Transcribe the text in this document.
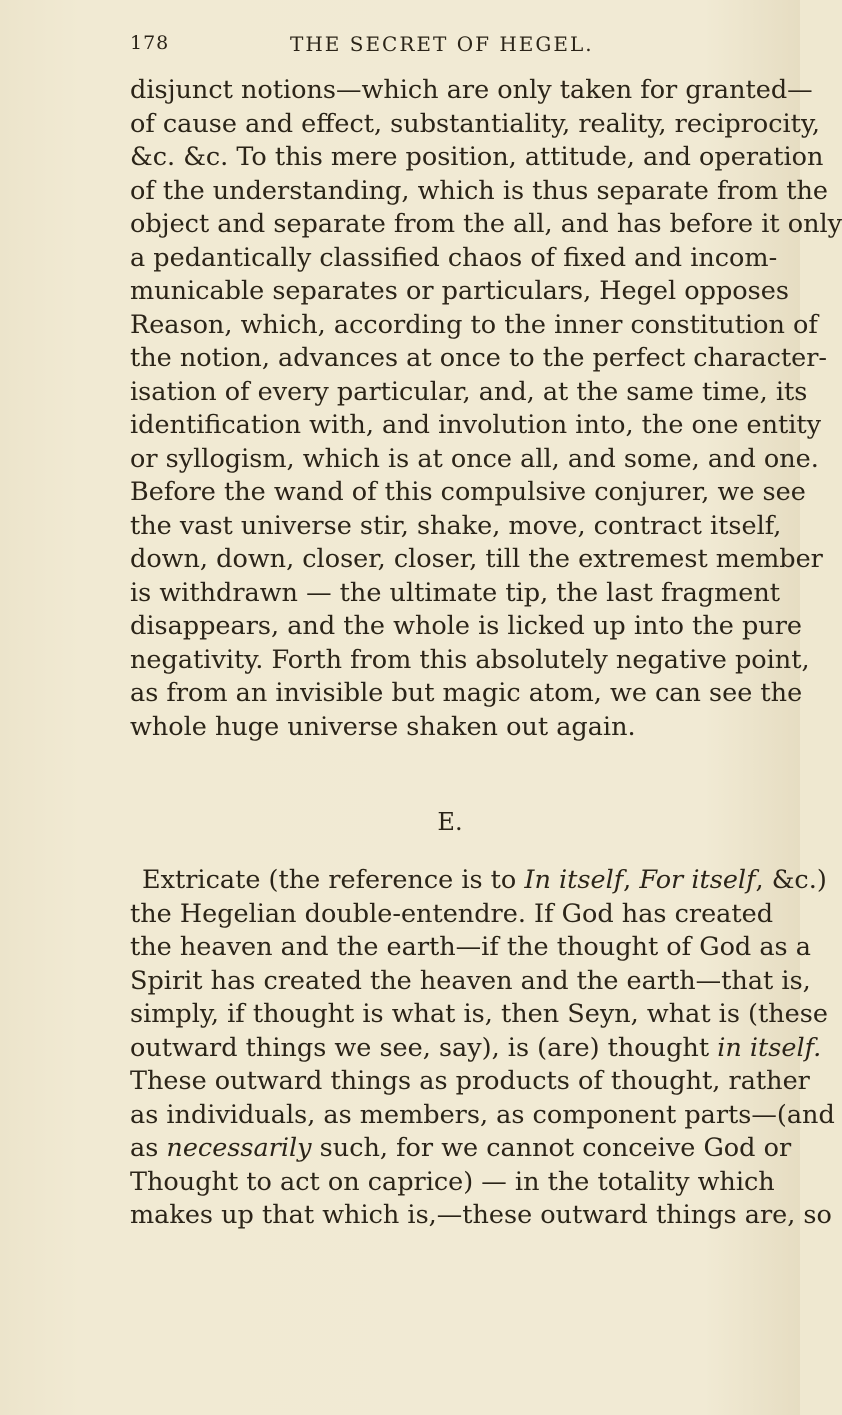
178	THE SECRET OF HEGEL.
disjunct notions—which are only taken for granted—
of cause and effect, substantiality, reality, reciprocity,
&c. &c. To this mere position, attitude, and operation
of the understanding, which is thus separate from the
object and separate from the all, and has before it only
a pedantically classified chaos of fixed and incom-
municable separates or particulars, Hegel opposes
Reason, which, according to the inner constitution of
the notion, advances at once to the perfect character-
isation of every particular, and, at the same time, its
identification with, and involution into, the one entity
or syllogism, which is at once all, and some, and one.
Before the wand of this compulsive conjurer, we see
the vast universe stir, shake, move, contract itself,
down, down, closer, closer, till the extremest member
is withdrawn — the ultimate tip, the last fragment
disappears, and the whole is licked up into the pure
negativity. Forth from this absolutely negative point,
as from an invisible but magic atom, we can see the
whole huge universe shaken out again.
E.
Extricate (the reference is to In itself, For itself, &c.)
the Hegelian double-entendre. If God has created
the heaven and the earth—if the thought of God as a
Spirit has created the heaven and the earth—that is,
simply, if thought is what is, then Seyn, what is (these
outward things we see, say), is (are) thought in itself.
These outward things as products of thought, rather
as individuals, as members, as component parts—(and
as necessarily such, for we cannot conceive God or
Thought to act on caprice) — in the totality which
makes up that which is,—these outward things are, so
